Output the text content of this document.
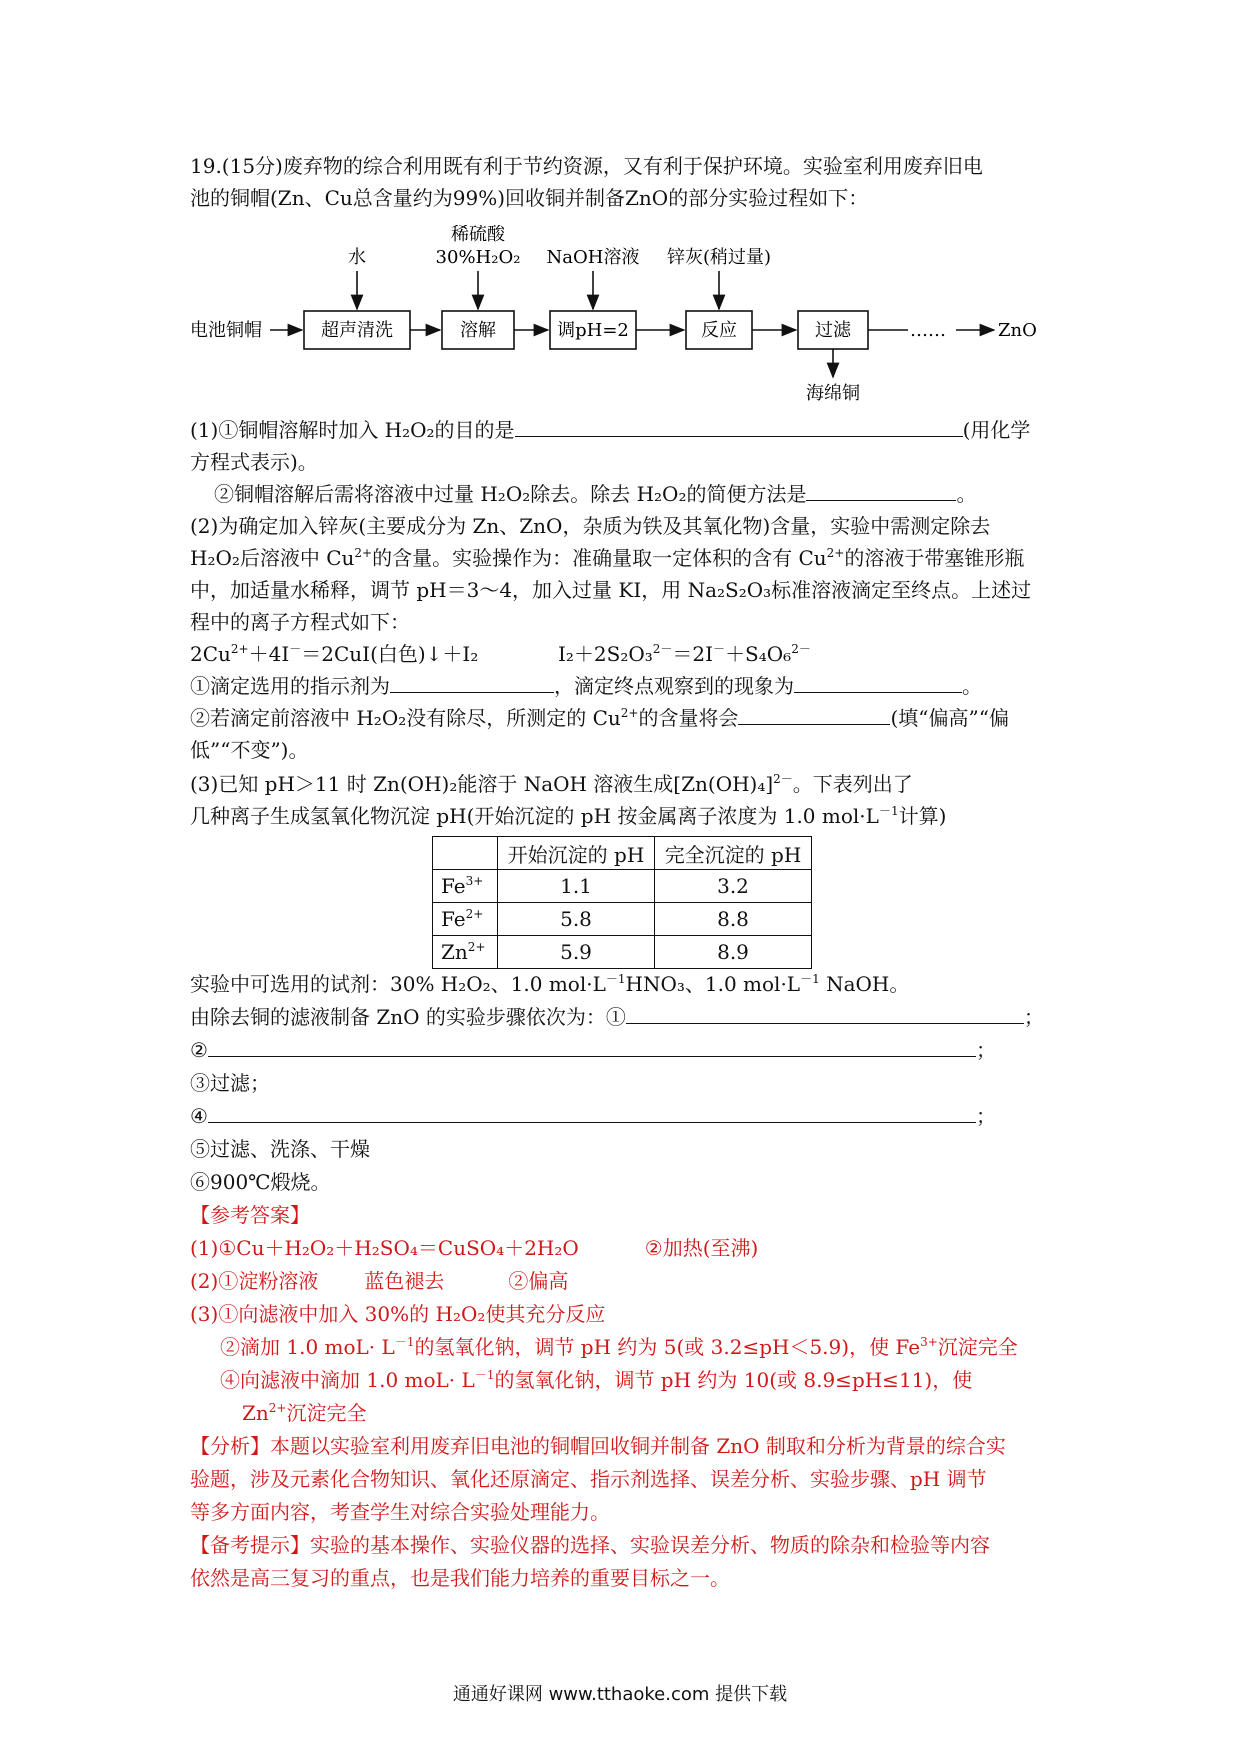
19.(15分)废弃物的综合利用既有利于节约资源，又有利于保护环境。实验室利用废弃旧电
池的铜帽(Zn、Cu总含量约为99%)回收铜并制备ZnO的部分实验过程如下：
电池铜帽	超声清洗	溶解	调pH=2	反应	过滤	……	ZnO
水
稀硫酸
30%H₂O₂ NaOH溶液 锌灰(稍过量)
海绵铜
(1)①铜帽溶解时加入 H₂O₂的目的是	(用化学
方程式表示)。
②铜帽溶解后需将溶液中过量 H₂O₂除去。除去 H₂O₂的简便方法是	。
(2)为确定加入锌灰(主要成分为 Zn、ZnO，杂质为铁及其氧化物)含量，实验中需测定除去
H₂O₂后溶液中 $Cu^{2+}$的含量。实验操作为：准确量取一定体积的含有 $Cu^{2+}$的溶液于带塞锥形瓶
中，加适量水稀释，调节 pH＝3～4，加入过量 KI，用 Na₂S₂O₃标准溶液滴定至终点。上述过
程中的离子方程式如下：
$2Cu^{2+}+4I^-=2CuI$(白色)↓＋I₂	I₂＋2S₂O₃$^{2-}$＝2I－＋S₄O₆$^{2-}$
①滴定选用的指示剂为	，滴定终点观察到的现象为	。
②若滴定前溶液中 H₂O₂没有除尽，所测定的 $Cu^{2+}$的含量将会	(填“偏高”“偏
低”“不变”)。
(3)已知 pH＞11 时 Zn(OH)₂能溶于 NaOH 溶液生成$[Zn(OH)_4]^{2-}$。下表列出了
几种离子生成氢氧化物沉淀 pH(开始沉淀的 pH 按金属离子浓度为 1.0 $mol\cdot L^{-1}$计算)
	开始沉淀的 pH	完全沉淀的 pH
$Fe^{3+}$	1.1	3.2
$Fe^{2+}$	5.8	8.8
$Zn^{2+}$	5.9	8.9
实验中可选用的试剂：30% H₂O₂、1.0 $mol\cdot L^{-1}HNO_3$、1.0 $mol\cdot L^{-1}$ NaOH。
由除去铜的滤液制备 ZnO 的实验步骤依次为：①	；
②	；
③过滤；
④	；
⑤过滤、洗涤、干燥
⑥900℃煅烧。
【参考答案】
(1)①Cu＋H₂O₂＋H₂SO₄＝CuSO₄＋2H₂O	②加热(至沸)
(2)①淀粉溶液 蓝色褪去	②偏高
(3)①向滤液中加入 30%的 H₂O₂使其充分反应
②滴加 1.0 $moL\cdot L^{-1}$的氢氧化钠，调节 pH 约为 5(或 3.2≤pH＜5.9)，使 $Fe^{3+}$沉淀完全
④向滤液中滴加 1.0 $moL\cdot L^{-1}$的氢氧化钠，调节 pH 约为 10(或 8.9≤pH≤11)，使
$Zn^{2+}$沉淀完全
【分析】本题以实验室利用废弃旧电池的铜帽回收铜并制备 ZnO 制取和分析为背景的综合实
验题，涉及元素化合物知识、氧化还原滴定、指示剂选择、误差分析、实验步骤、pH 调节
等多方面内容，考查学生对综合实验处理能力。
【备考提示】实验的基本操作、实验仪器的选择、实验误差分析、物质的除杂和检验等内容
依然是高三复习的重点，也是我们能力培养的重要目标之一。
通通好课网 www.tthaoke.com 提供下载
